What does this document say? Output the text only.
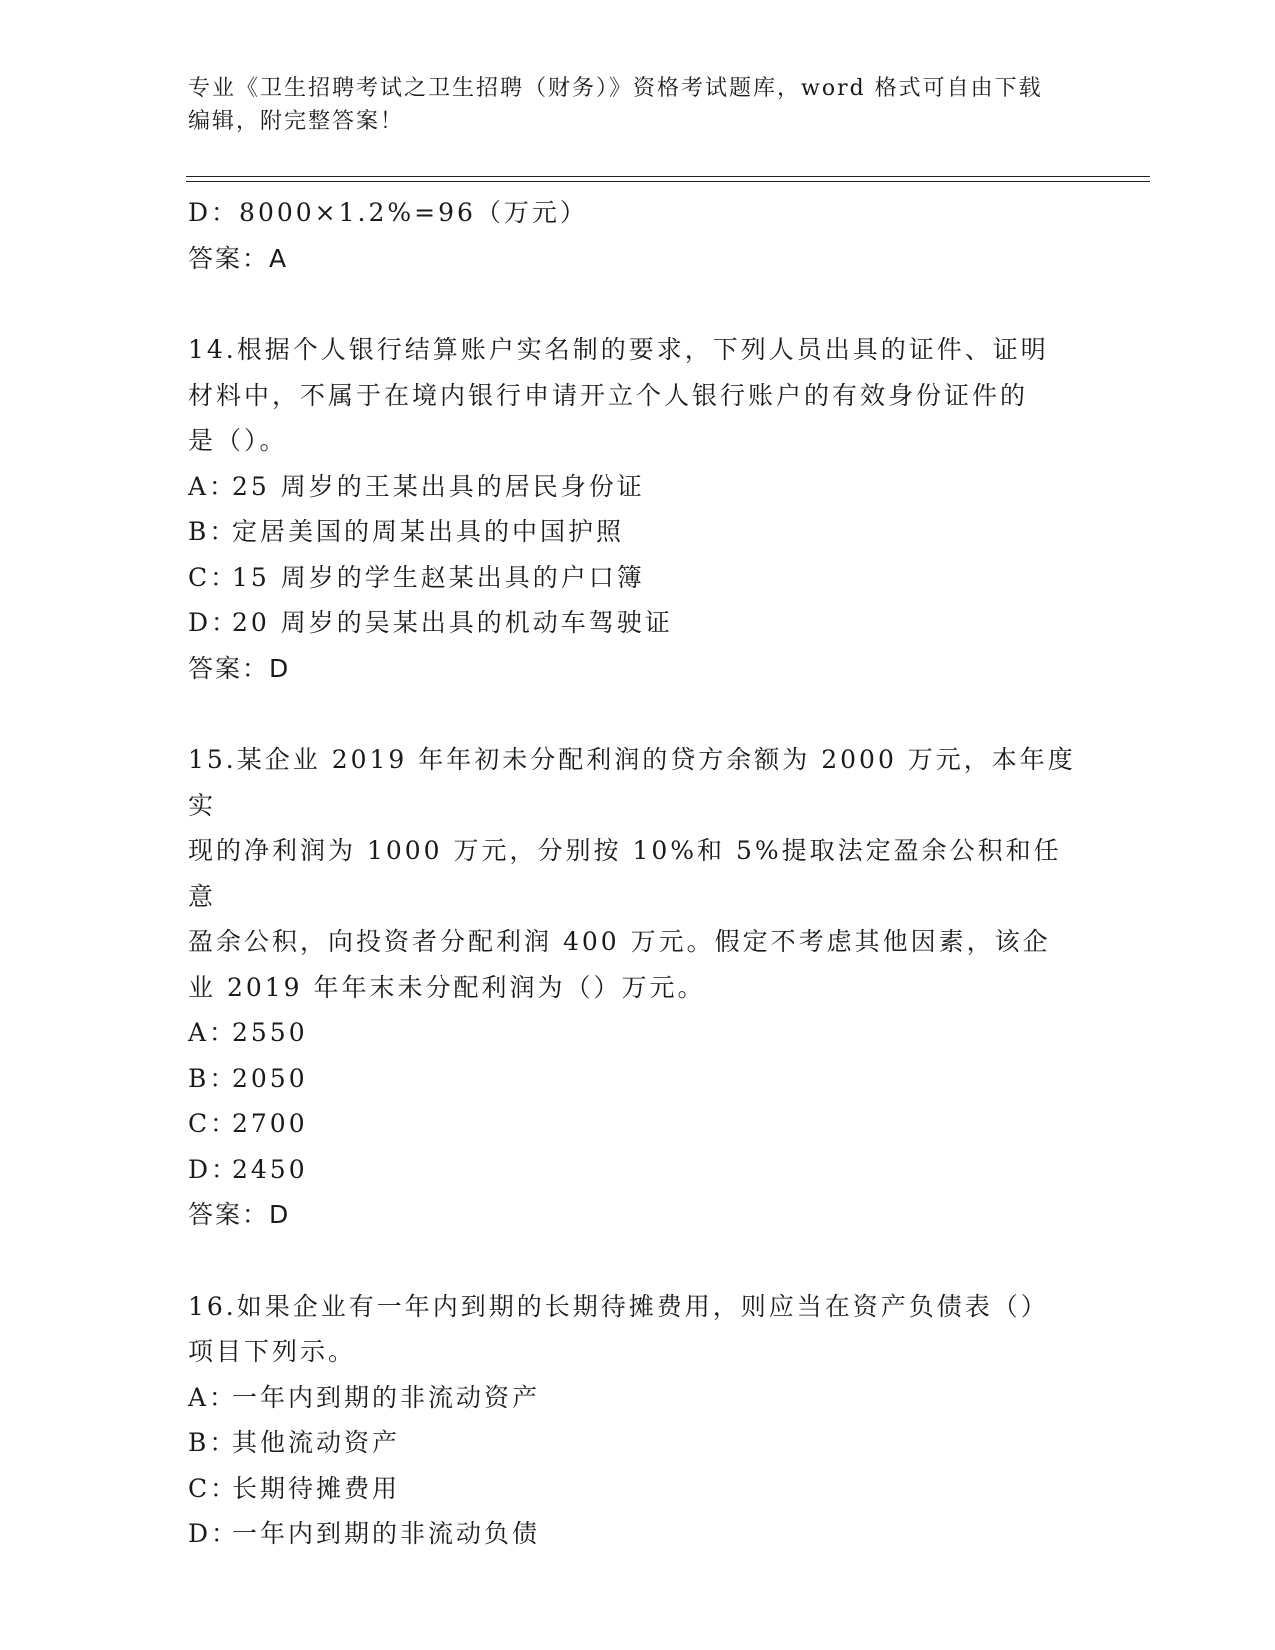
专业《卫生招聘考试之卫生招聘（财务）》资格考试题库，word 格式可自由下载
编辑，附完整答案！
D：8000×1.2%=96（万元）
答案：A
14.根据个人银行结算账户实名制的要求，下列人员出具的证件、证明
材料中，不属于在境内银行申请开立个人银行账户的有效身份证件的
是（）。
A：
25 周岁的王某出具的居民身份证
B：
定居美国的周某出具的中国护照
C：
15 周岁的学生赵某出具的户口簿
D：
20 周岁的吴某出具的机动车驾驶证
答案：D
15.某企业 2019 年年初未分配利润的贷方余额为 2000 万元，本年度实
现的净利润为 1000 万元，分别按 10%和 5%提取法定盈余公积和任意
盈余公积，向投资者分配利润 400 万元。假定不考虑其他因素，该企
业 2019 年年末未分配利润为（）万元。
A：
2550
B：
2050
C：
2700
D：
2450
答案：D
16.如果企业有一年内到期的长期待摊费用，则应当在资产负债表（）
项目下列示。
A：
一年内到期的非流动资产
B：
其他流动资产
C：
长期待摊费用
D：
一年内到期的非流动负债
